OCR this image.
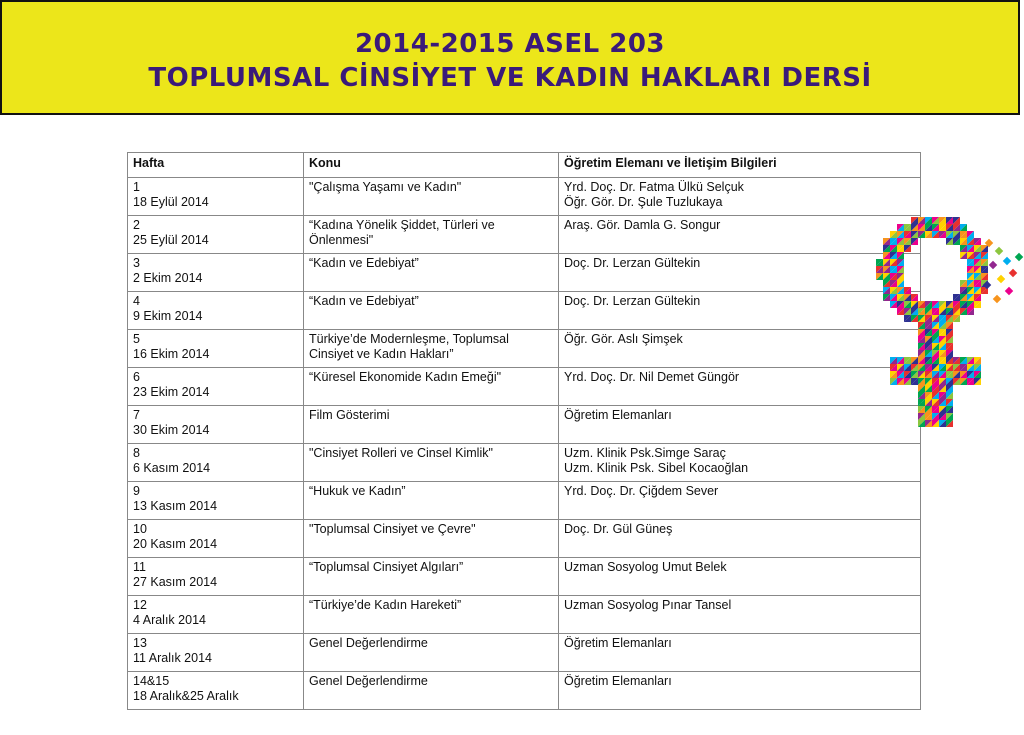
2014-2015 ASEL 203
TOPLUMSAL CİNSİYET VE KADIN HAKLARI DERSİ
Hafta	Konu	Öğretim Elemanı ve İletişim Bilgileri

1
18 Eylül 2014	"Çalışma Yaşamı ve Kadın"	Yrd. Doç. Dr. Fatma Ülkü Selçuk
Öğr. Gör. Dr. Şule Tuzlukaya

2
25 Eylül 2014	“Kadına Yönelik Şiddet, Türleri ve Önlenmesi"	Araş. Gör. Damla G. Songur

3
2 Ekim 2014	“Kadın ve Edebiyat”	Doç. Dr. Lerzan Gültekin

4
9 Ekim 2014	“Kadın ve Edebiyat”	Doç. Dr. Lerzan Gültekin

5
16 Ekim 2014	Türkiye’de Modernleşme, Toplumsal Cinsiyet ve Kadın Hakları”	Öğr. Gör. Aslı Şimşek

6
23 Ekim 2014	“Küresel Ekonomide Kadın Emeği"	Yrd. Doç. Dr. Nil Demet Güngör

7
30 Ekim 2014	Film Gösterimi	Öğretim Elemanları

8
6 Kasım 2014	"Cinsiyet Rolleri ve Cinsel Kimlik"	Uzm. Klinik Psk.Simge Saraç
Uzm. Klinik Psk. Sibel Kocaoğlan

9
13 Kasım 2014	“Hukuk ve Kadın”	Yrd. Doç. Dr. Çiğdem Sever

10
20 Kasım 2014	"Toplumsal Cinsiyet ve Çevre"	Doç. Dr. Gül Güneş

11
27 Kasım 2014	“Toplumsal Cinsiyet Algıları”	Uzman Sosyolog Umut Belek

12
4 Aralık 2014	“Türkiye’de Kadın Hareketi”	Uzman Sosyolog Pınar Tansel

13
11 Aralık 2014	Genel Değerlendirme	Öğretim Elemanları

14&15
18 Aralık&25 Aralık	Genel Değerlendirme	Öğretim Elemanları
